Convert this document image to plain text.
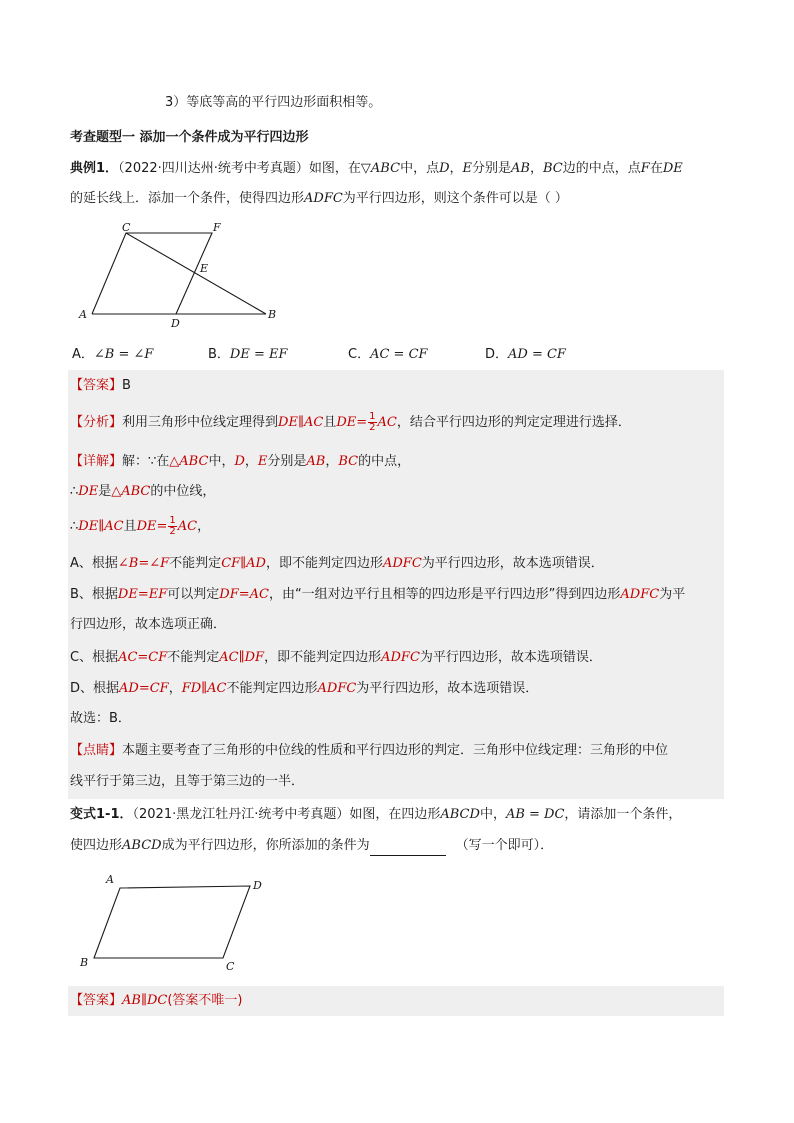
3）等底等高的平行四边形面积相等。
考查题型一 添加一个条件成为平行四边形
典例1．（2022·四川达州·统考中考真题）如图，在▽ABC中，点D，E分别是AB，BC边的中点，点F在DE
的延长线上．添加一个条件，使得四边形ADFC为平行四边形，则这个条件可以是（ ）
C	F
E
A
D
B
A．∠B = ∠F	B．DE = EF	C．AC = CF	D．AD = CF
【答案】B
【分析】利用三角形中位线定理得到DE∥AC且$DE= \frac{1}{2}$ AC，结合平行四边形的判定定理进行选择．
【详解】解：∵在△ABC中，D，E分别是AB，BC的中点，
∴DE是△ABC的中位线，
∴DE∥AC且$DE= \frac{1}{2}$ AC，
A、根据∠B=∠F不能判定CF∥AD，即不能判定四边形ADFC为平行四边形，故本选项错误．
B、根据DE=EF可以判定DF=AC，由“一组对边平行且相等的四边形是平行四边形”得到四边形ADFC为平
行四边形，故本选项正确．
C、根据AC=CF不能判定AC∥DF，即不能判定四边形ADFC为平行四边形，故本选项错误．
D、根据AD=CF，FD∥AC不能判定四边形ADFC为平行四边形，故本选项错误．
故选：B．
【点睛】本题主要考查了三角形的中位线的性质和平行四边形的判定．三角形中位线定理：三角形的中位
线平行于第三边，且等于第三边的一半．
变式1-1．（2021·黑龙江牡丹江·统考中考真题）如图，在四边形ABCD中，AB = DC，请添加一个条件，
使四边形ABCD成为平行四边形，你所添加的条件为	（写一个即可）．
A	D
B	C
【答案】AB∥DC(答案不唯一)
